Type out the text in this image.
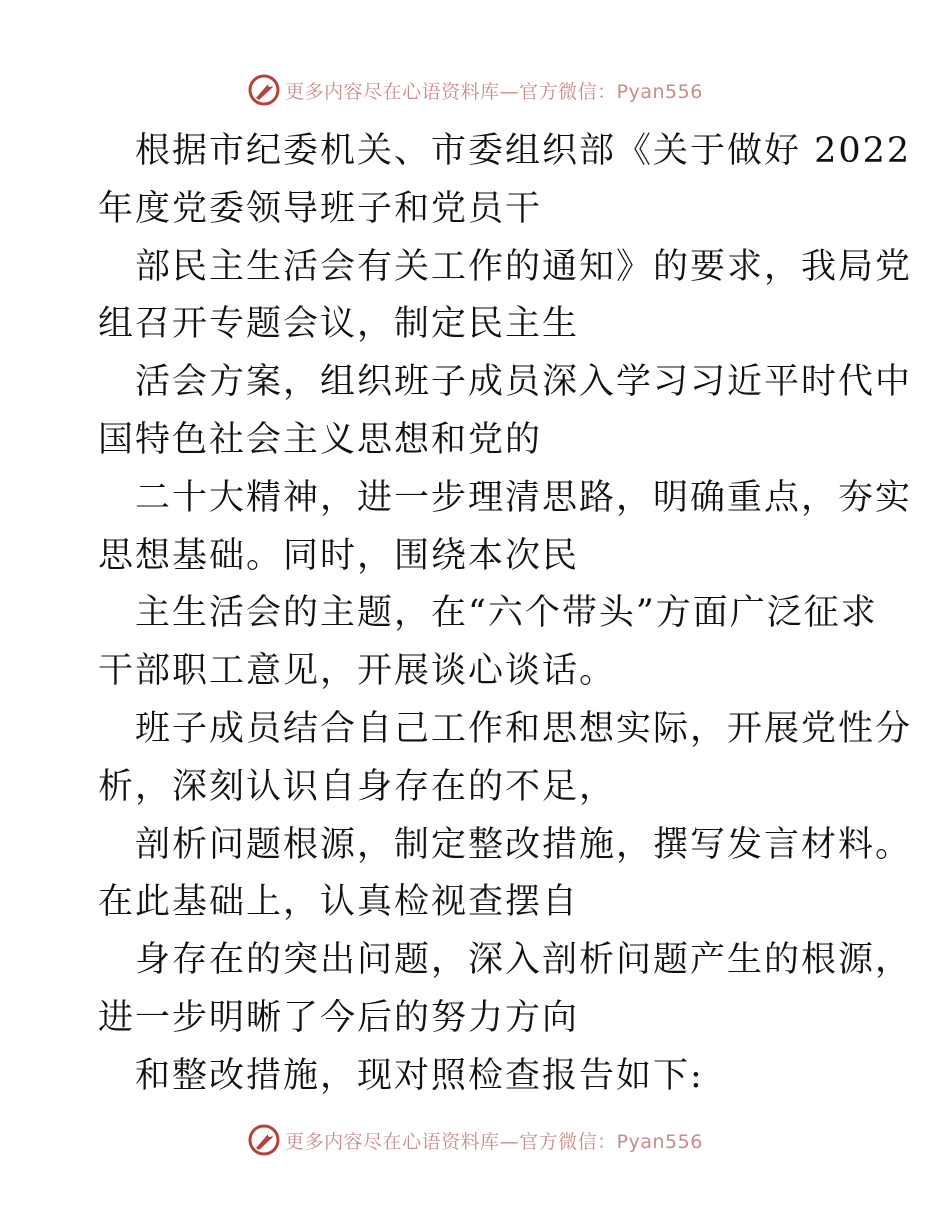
更多内容尽在心语资料库—官方微信：Pyan556
根据市纪委机关、市委组织部《关于做好 2022
年度党委领导班子和党员干
部民主生活会有关工作的通知》的要求，我局党
组召开专题会议，制定民主生
活会方案，组织班子成员深入学习习近平时代中
国特色社会主义思想和党的
二十大精神，进一步理清思路，明确重点，夯实
思想基础。同时，围绕本次民
主生活会的主题，在“六个带头”方面广泛征求
干部职工意见，开展谈心谈话。
班子成员结合自己工作和思想实际，开展党性分
析，深刻认识自身存在的不足，
剖析问题根源，制定整改措施，撰写发言材料。
在此基础上，认真检视查摆自
身存在的突出问题，深入剖析问题产生的根源，
进一步明晰了今后的努力方向
和整改措施，现对照检查报告如下:
更多内容尽在心语资料库—官方微信：Pyan556
